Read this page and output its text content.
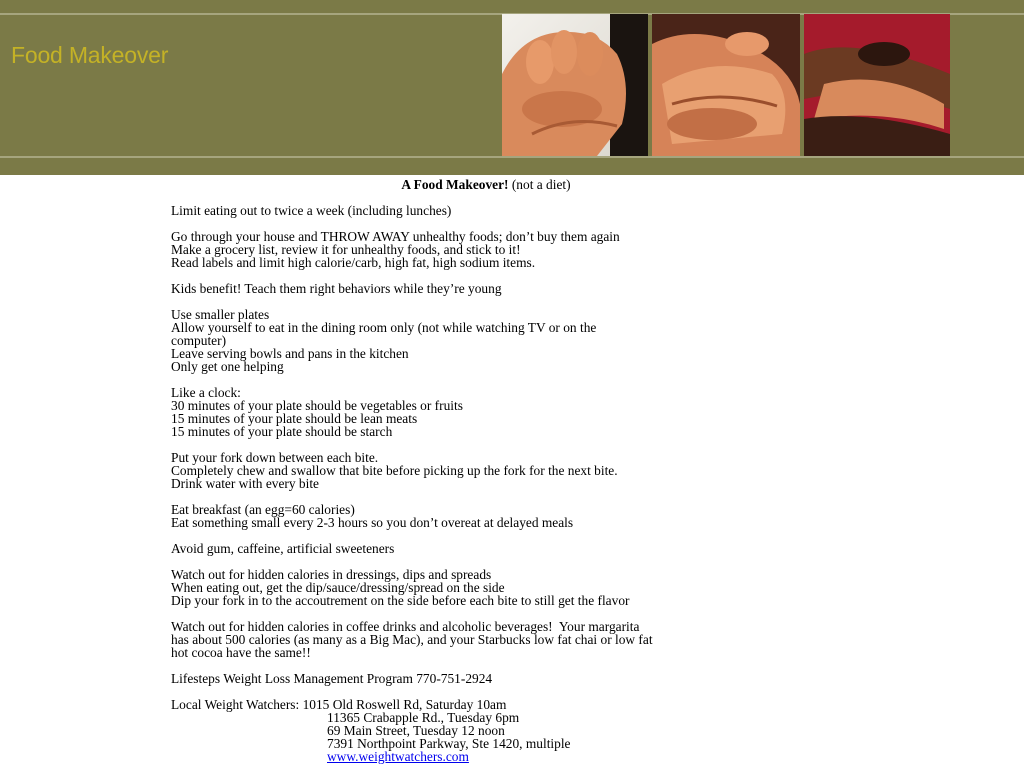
Food Makeover
A Food Makeover! (not a diet)
Limit eating out to twice a week (including lunches)
Go through your house and THROW AWAY unhealthy foods; don’t buy them again
Make a grocery list, review it for unhealthy foods, and stick to it!
Read labels and limit high calorie/carb, high fat, high sodium items.
Kids benefit! Teach them right behaviors while they’re young
Use smaller plates
Allow yourself to eat in the dining room only (not while watching TV or on the
computer)
Leave serving bowls and pans in the kitchen
Only get one helping
Like a clock:
30 minutes of your plate should be vegetables or fruits
15 minutes of your plate should be lean meats
15 minutes of your plate should be starch
Put your fork down between each bite.
Completely chew and swallow that bite before picking up the fork for the next bite.
Drink water with every bite
Eat breakfast (an egg=60 calories)
Eat something small every 2-3 hours so you don’t overeat at delayed meals
Avoid gum, caffeine, artificial sweeteners
Watch out for hidden calories in dressings, dips and spreads
When eating out, get the dip/sauce/dressing/spread on the side
Dip your fork in to the accoutrement on the side before each bite to still get the flavor
Watch out for hidden calories in coffee drinks and alcoholic beverages!  Your margarita
has about 500 calories (as many as a Big Mac), and your Starbucks low fat chai or low fat
hot cocoa have the same!!
Lifesteps Weight Loss Management Program 770-751-2924
Local Weight Watchers: 1015 Old Roswell Rd, Saturday 10am
11365 Crabapple Rd., Tuesday 6pm
69 Main Street, Tuesday 12 noon
7391 Northpoint Parkway, Ste 1420, multiple
www.weightwatchers.com
